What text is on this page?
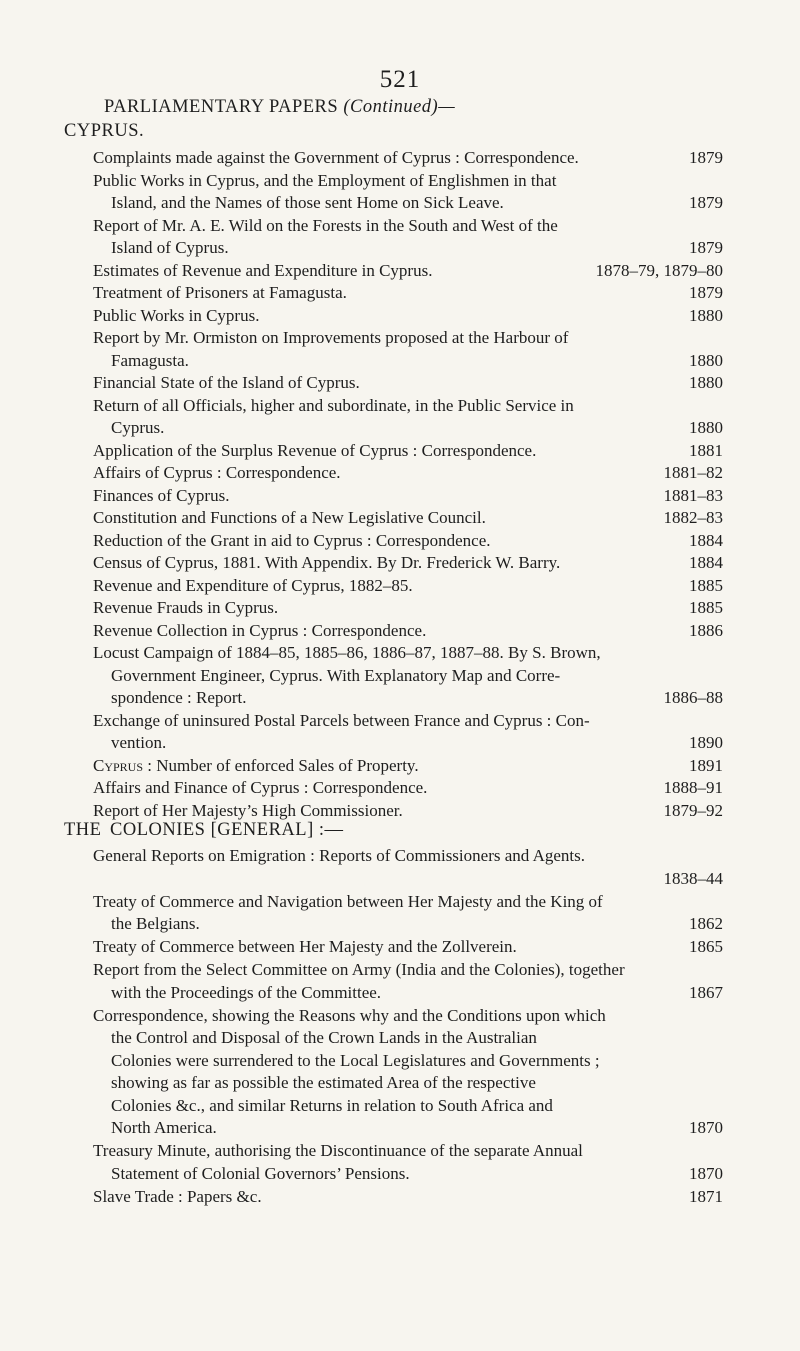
521
PARLIAMENTARY PAPERS (Continued)—
CYPRUS.
Complaints made against the Government of Cyprus : Correspondence.	1879
Public Works in Cyprus, and the Employment of Englishmen in that
Island, and the Names of those sent Home on Sick Leave.	1879
Report of Mr. A. E. Wild on the Forests in the South and West of the
Island of Cyprus.	1879
Estimates of Revenue and Expenditure in Cyprus.	1878–79, 1879–80
Treatment of Prisoners at Famagusta.	1879
Public Works in Cyprus.	1880
Report by Mr. Ormiston on Improvements proposed at the Harbour of
Famagusta.	1880
Financial State of the Island of Cyprus.	1880
Return of all Officials, higher and subordinate, in the Public Service in
Cyprus.	1880
Application of the Surplus Revenue of Cyprus : Correspondence.	1881
Affairs of Cyprus : Correspondence.	1881–82
Finances of Cyprus.	1881–83
Constitution and Functions of a New Legislative Council.	1882–83
Reduction of the Grant in aid to Cyprus : Correspondence.	1884
Census of Cyprus, 1881. With Appendix. By Dr. Frederick W. Barry.	1884
Revenue and Expenditure of Cyprus, 1882–85.	1885
Revenue Frauds in Cyprus.	1885
Revenue Collection in Cyprus : Correspondence.	1886
Locust Campaign of 1884–85, 1885–86, 1886–87, 1887–88. By S. Brown,
Government Engineer, Cyprus. With Explanatory Map and Corre-
spondence : Report.	1886–88
Exchange of uninsured Postal Parcels between France and Cyprus : Con-
vention.	1890
Cyprus : Number of enforced Sales of Property.	1891
Affairs and Finance of Cyprus : Correspondence.	1888–91
Report of Her Majesty’s High Commissioner.	1879–92
THE COLONIES [GENERAL] :—
General Reports on Emigration : Reports of Commissioners and Agents.
1838–44
Treaty of Commerce and Navigation between Her Majesty and the King of
the Belgians.	1862
Treaty of Commerce between Her Majesty and the Zollverein.	1865
Report from the Select Committee on Army (India and the Colonies), together
with the Proceedings of the Committee.	1867
Correspondence, showing the Reasons why and the Conditions upon which
the Control and Disposal of the Crown Lands in the Australian
Colonies were surrendered to the Local Legislatures and Governments ;
showing as far as possible the estimated Area of the respective
Colonies &c., and similar Returns in relation to South Africa and
North America.	1870
Treasury Minute, authorising the Discontinuance of the separate Annual
Statement of Colonial Governors’ Pensions.	1870
Slave Trade : Papers &c.	1871
